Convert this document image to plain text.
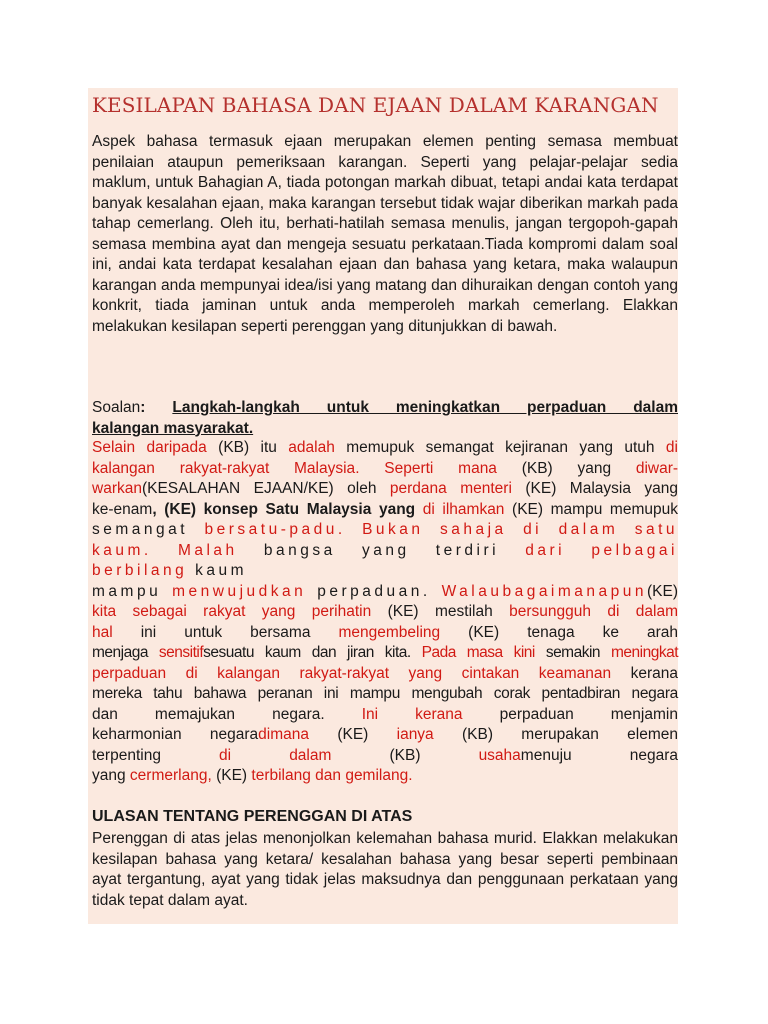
KESILAPAN BAHASA DAN EJAAN DALAM KARANGAN

Aspek bahasa termasuk ejaan merupakan elemen penting semasa membuat penilaian ataupun pemeriksaan karangan. Seperti yang pelajar-pelajar sedia maklum, untuk Bahagian A, tiada potongan markah dibuat, tetapi andai kata terdapat banyak kesalahan ejaan, maka karangan tersebut tidak wajar diberikan markah pada tahap cemerlang. Oleh itu, berhati-hatilah semasa menulis, jangan tergopoh-gapah semasa membina ayat dan mengeja sesuatu perkataan.Tiada kompromi dalam soal ini, andai kata terdapat kesalahan ejaan dan bahasa yang ketara, maka walaupun karangan anda mempunyai idea/isi yang matang dan dihuraikan dengan contoh yang konkrit, tiada jaminan untuk anda memperoleh markah cemerlang. Elakkan melakukan kesilapan seperti perenggan yang ditunjukkan di bawah.

Soalan: Langkah-langkah untuk meningkatkan perpaduan dalam
kalangan masyarakat.
Selain daripada (KB) itu adalah memupuk semangat kejiranan yang utuh di
kalangan rakyat-rakyat Malaysia. Seperti mana (KB) yang diwar-
warkan(KESALAHAN EJAAN/KE) oleh perdana menteri (KE) Malaysia yang
ke-enam, (KE) konsep Satu Malaysia yang di ilhamkan (KE) mampu memupuk
semangat bersatu-padu. Bukan sahaja di dalam satu
kaum. Malah bangsa yang terdiri dari pelbagai
berbilang kaum
mampu menwujudkan perpaduan. Walaubagaimanapun(KE)
kita sebagai rakyat yang perihatin (KE) mestilah bersungguh di dalam
hal ini untuk bersama mengembeling (KE) tenaga ke arah
menjaga sensitifsesuatu kaum dan jiran kita. Pada masa kini semakin meningkat
perpaduan di kalangan rakyat-rakyat yang cintakan keamanan kerana
mereka tahu bahawa peranan ini mampu mengubah corak pentadbiran negara
dan memajukan negara. Ini kerana perpaduan menjamin
keharmonian negaradimana (KE) ianya (KB) merupakan elemen
terpenting	di	dalam (KB) usahamenuju	negara
yang cermerlang, (KE) terbilang dan gemilang.
ULASAN TENTANG PERENGGAN DI ATAS

Perenggan di atas jelas menonjolkan kelemahan bahasa murid. Elakkan melakukan kesilapan bahasa yang ketara/ kesalahan bahasa yang besar seperti pembinaan ayat tergantung, ayat yang tidak jelas maksudnya dan penggunaan perkataan yang tidak tepat dalam ayat.
